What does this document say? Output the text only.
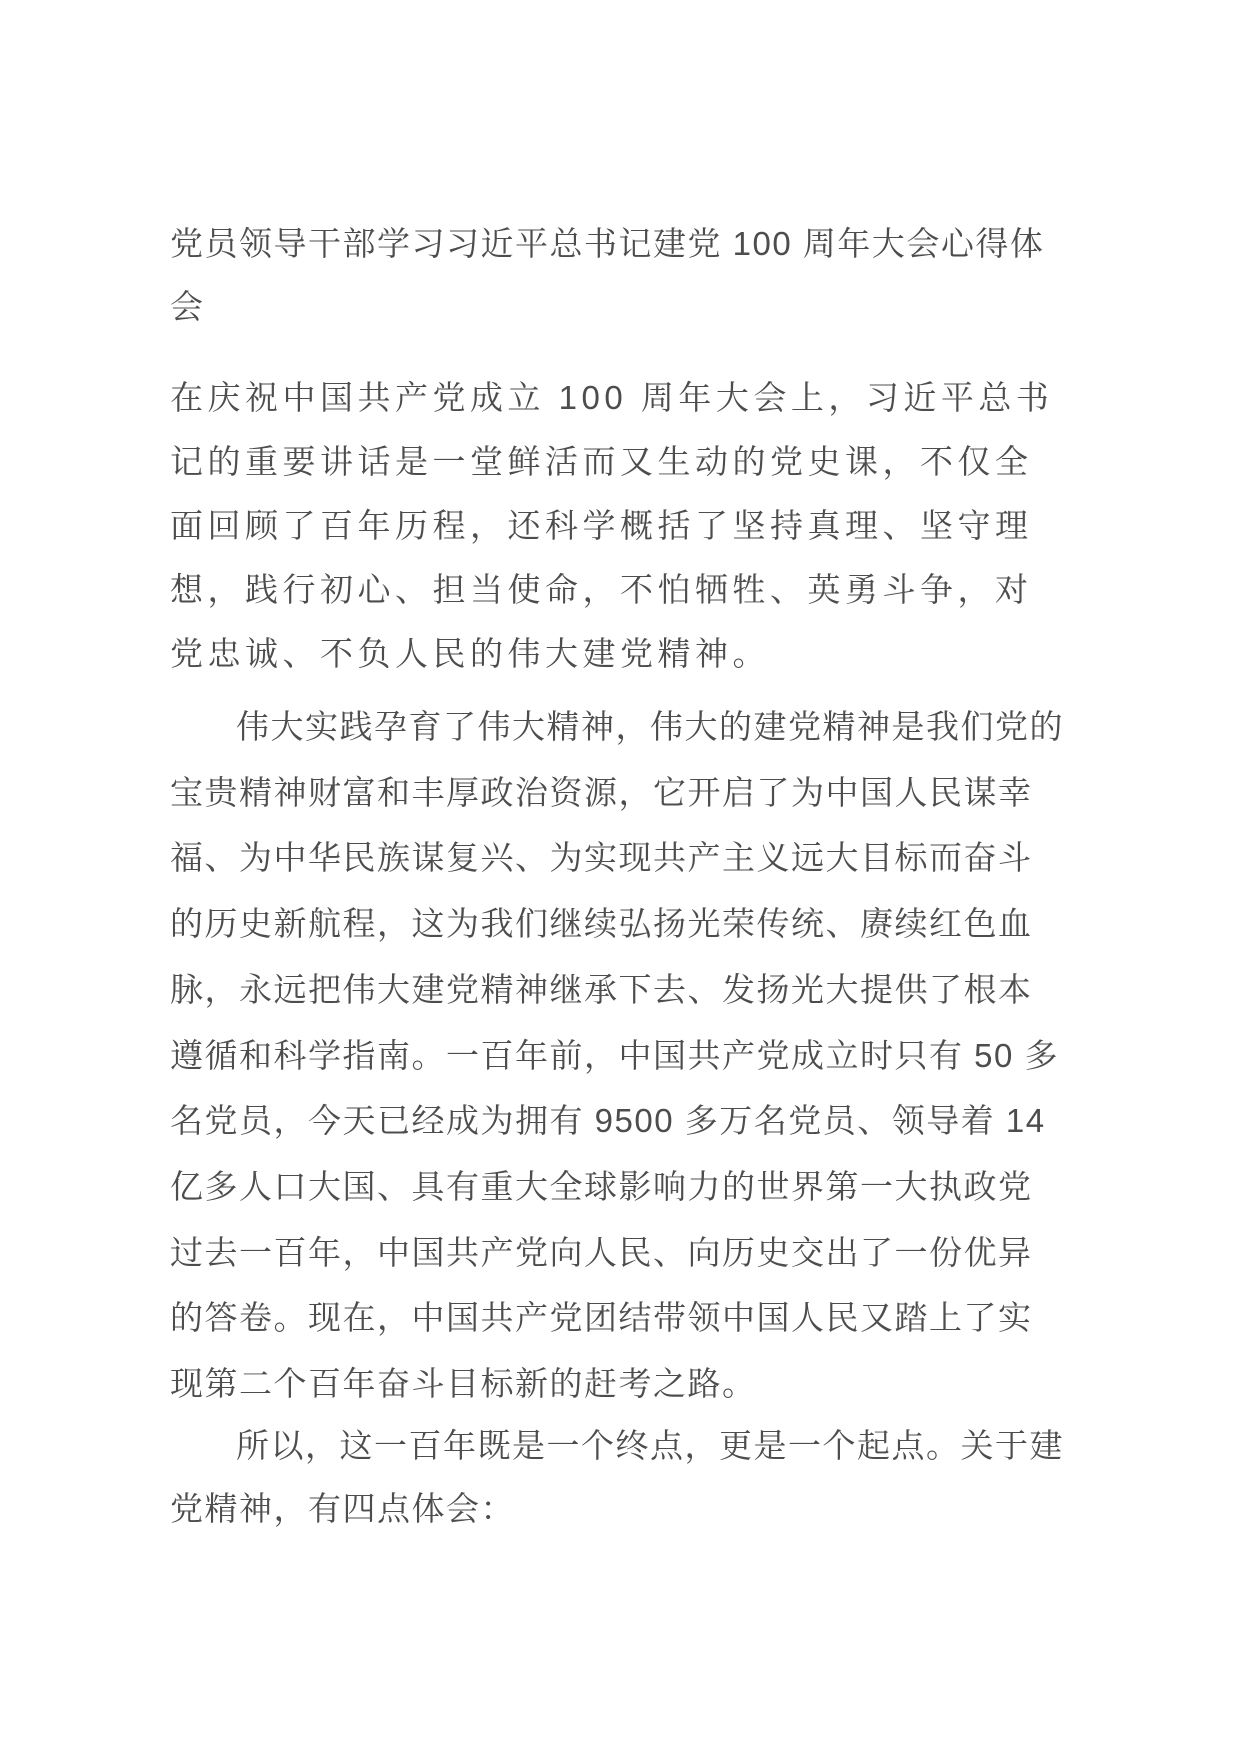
党员领导干部学习习近平总书记建党 100 周年大会心得体
会
在庆祝中国共产党成立 100 周年大会上，习近平总书
记的重要讲话是一堂鲜活而又生动的党史课，不仅全
面回顾了百年历程，还科学概括了坚持真理、坚守理
想，践行初心、担当使命，不怕牺牲、英勇斗争，对
党忠诚、不负人民的伟大建党精神。
伟大实践孕育了伟大精神，伟大的建党精神是我们党的
宝贵精神财富和丰厚政治资源，它开启了为中国人民谋幸
福、为中华民族谋复兴、为实现共产主义远大目标而奋斗
的历史新航程，这为我们继续弘扬光荣传统、赓续红色血
脉，永远把伟大建党精神继承下去、发扬光大提供了根本
遵循和科学指南。一百年前，中国共产党成立时只有 50 多
名党员，今天已经成为拥有 9500 多万名党员、领导着 14
亿多人口大国、具有重大全球影响力的世界第一大执政党
过去一百年，中国共产党向人民、向历史交出了一份优异
的答卷。现在，中国共产党团结带领中国人民又踏上了实
现第二个百年奋斗目标新的赶考之路。
所以，这一百年既是一个终点，更是一个起点。关于建
党精神，有四点体会：
